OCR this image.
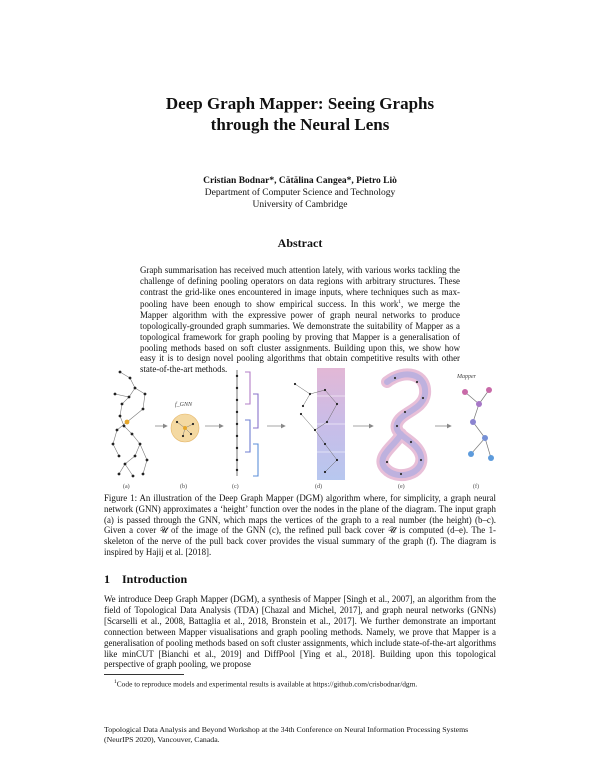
Deep Graph Mapper: Seeing Graphs
through the Neural Lens
Cristian Bodnar*, Cătălina Cangea*, Pietro Liò
Department of Computer Science and Technology
University of Cambridge
Abstract
Graph summarisation has received much attention lately, with various works tackling the challenge of defining pooling operators on data regions with arbitrary structures. These contrast the grid-like ones encountered in image inputs, where techniques such as max-pooling have been enough to show empirical success. In this work$^1$, we merge the Mapper algorithm with the expressive power of graph neural networks to produce topologically-grounded graph summaries. We demonstrate the suitability of Mapper as a topological framework for graph pooling by proving that Mapper is a generalisation of pooling methods based on soft cluster assignments. Building upon this, we show how easy it is to design novel pooling algorithms that obtain competitive results with other state-of-the-art methods.
(a)
f_GNN
(b)	(c)	(d)	(e)
Mapper
(f)
Figure 1: An illustration of the Deep Graph Mapper (DGM) algorithm where, for simplicity, a graph neural network (GNN) approximates a ‘height’ function over the nodes in the plane of the diagram. The input graph (a) is passed through the GNN, which maps the vertices of the graph to a real number (the height) (b–c). Given a cover 𝒰 of the image of the GNN (c), the refined pull back cover 𝒰̄ is computed (d–e). The 1-skeleton of the nerve of the pull back cover provides the visual summary of the graph (f). The diagram is inspired by Hajij et al. [2018].
1 Introduction
We introduce Deep Graph Mapper (DGM), a synthesis of Mapper [Singh et al., 2007], an algorithm from the field of Topological Data Analysis (TDA) [Chazal and Michel, 2017], and graph neural networks (GNNs) [Scarselli et al., 2008, Battaglia et al., 2018, Bronstein et al., 2017]. We further demonstrate an important connection between Mapper visualisations and graph pooling methods. Namely, we prove that Mapper is a generalisation of pooling methods based on soft cluster assignments, which include state-of-the-art algorithms like minCUT [Bianchi et al., 2019] and DiffPool [Ying et al., 2018]. Building upon this topological perspective of graph pooling, we propose
$^1$Code to reproduce models and experimental results is available at https://github.com/crisbodnar/dgm.
Topological Data Analysis and Beyond Workshop at the 34th Conference on Neural Information Processing Systems (NeurIPS 2020), Vancouver, Canada.
